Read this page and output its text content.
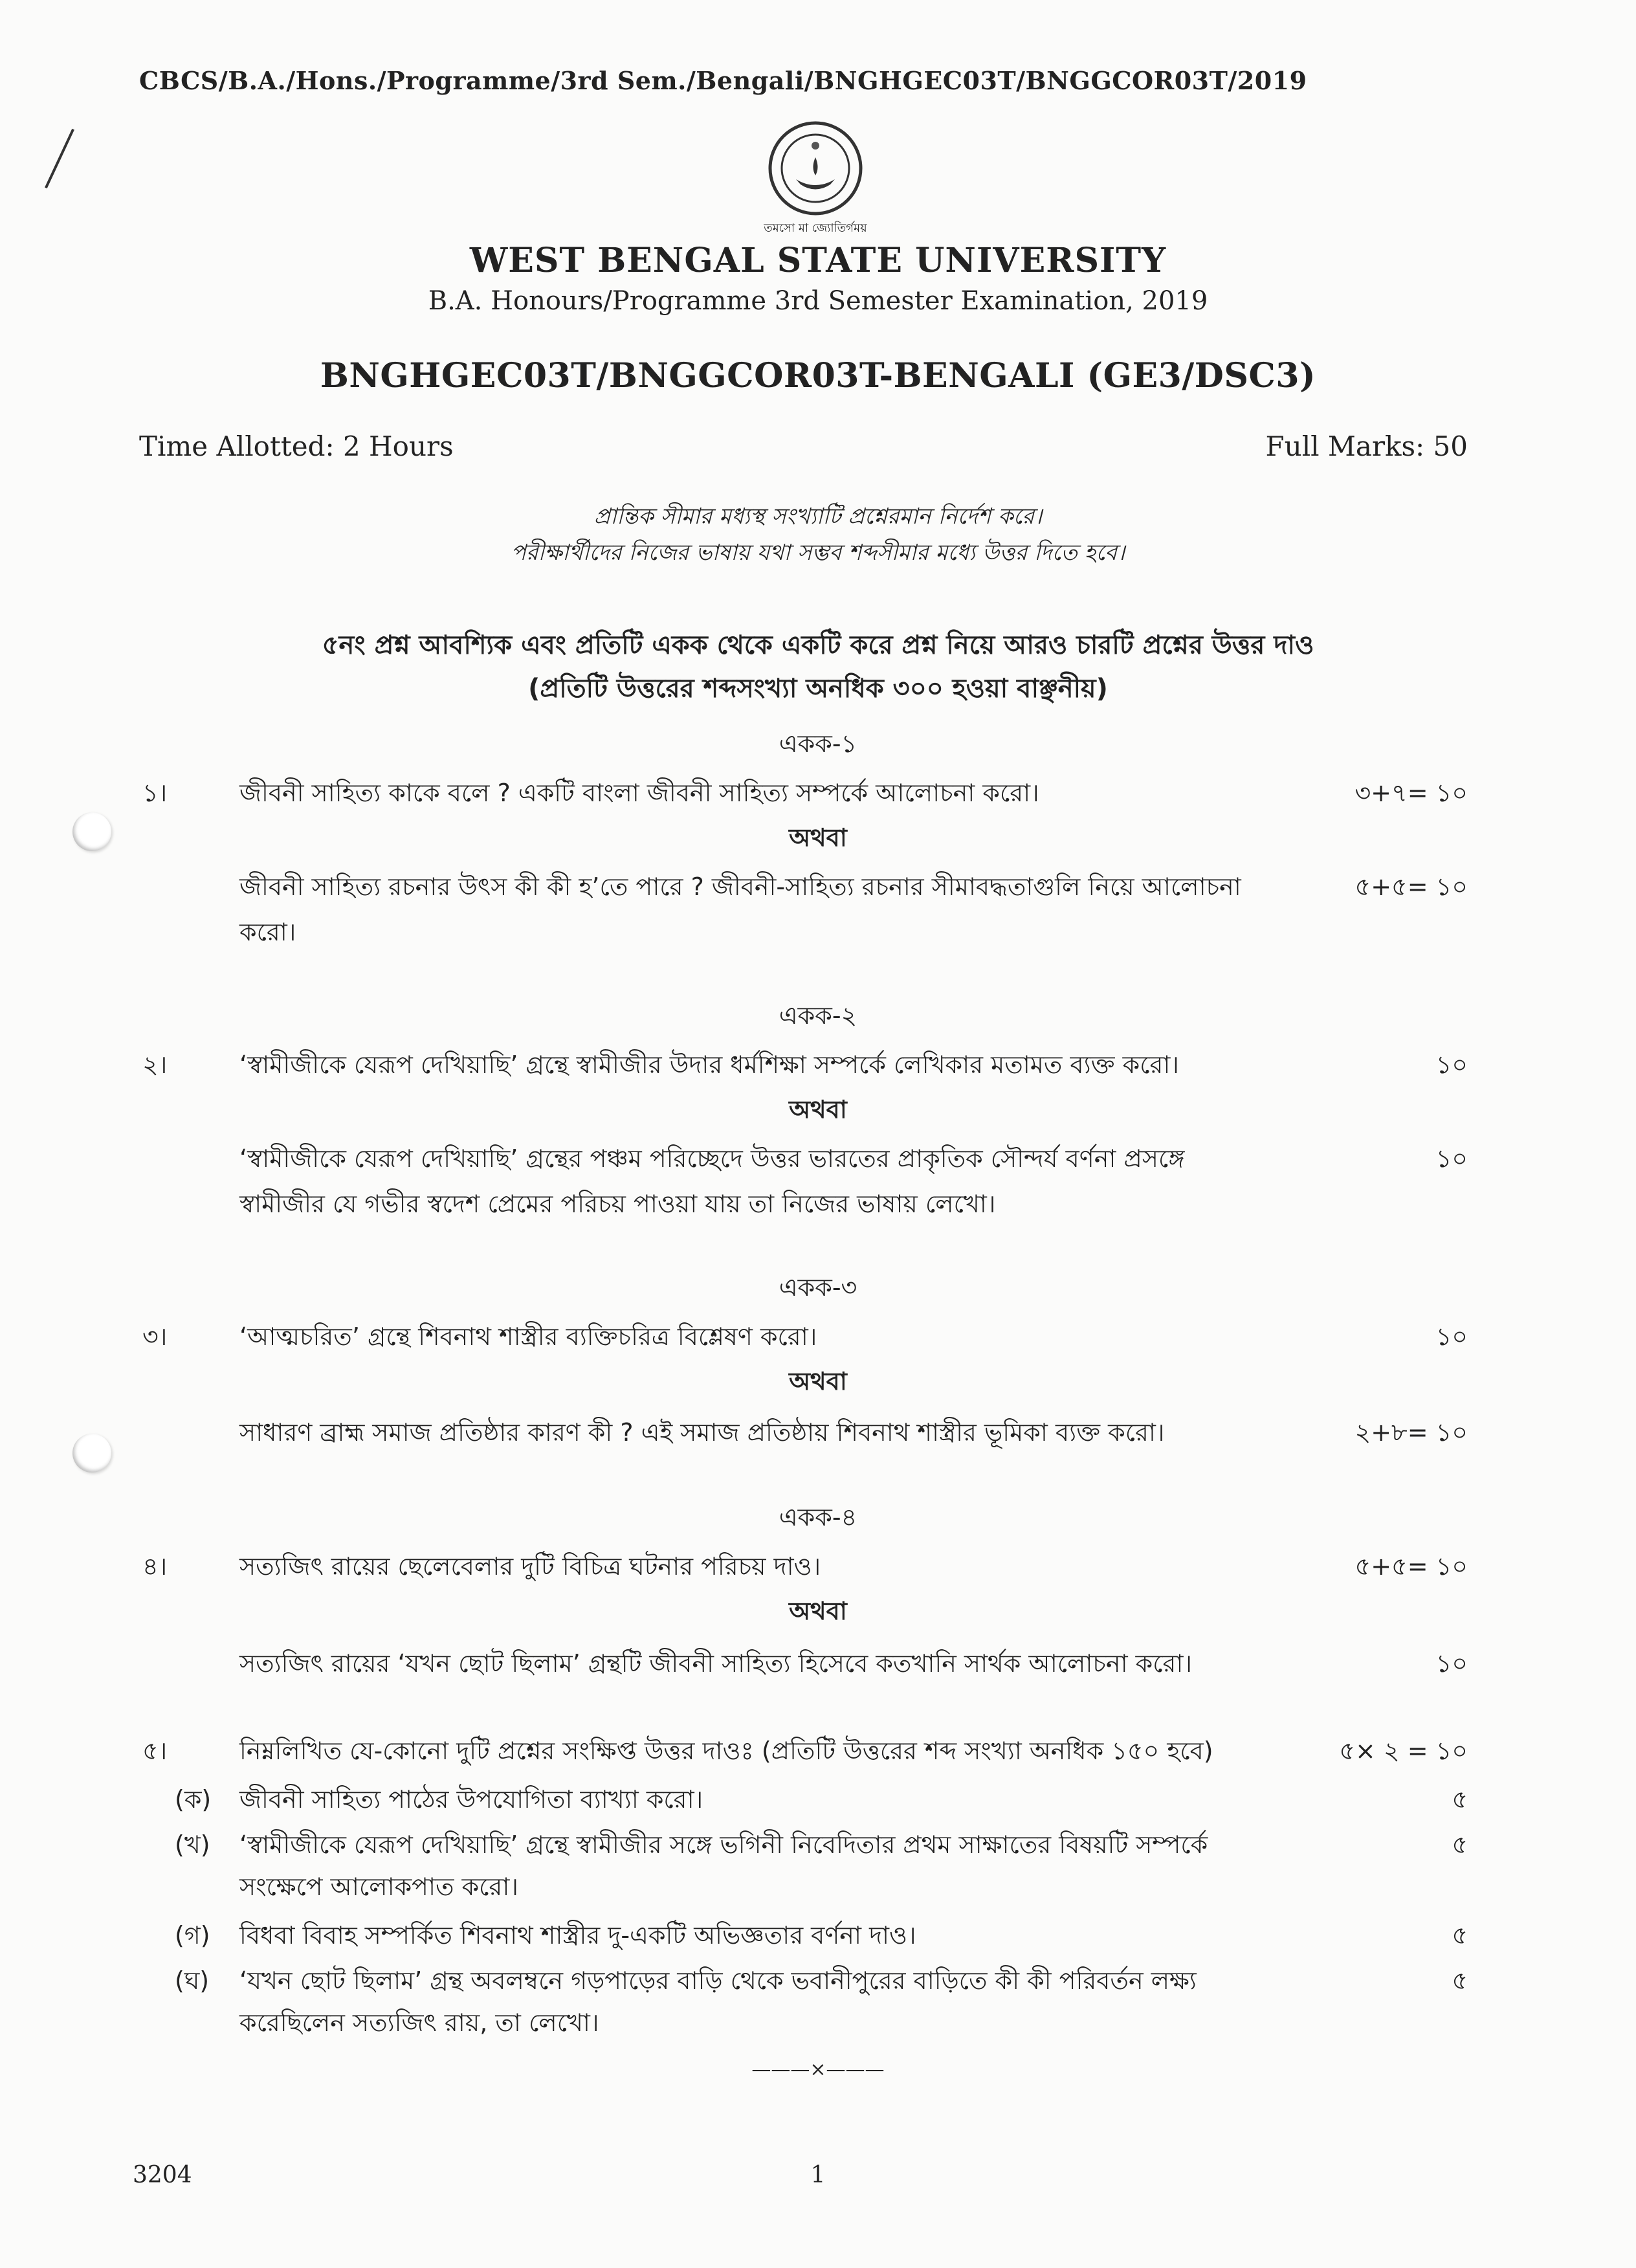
CBCS/B.A./Hons./Programme/3rd Sem./Bengali/BNGHGEC03T/BNGGCOR03T/2019
তমসো মা জ্যোতির্গময়
WEST BENGAL STATE UNIVERSITY
B.A. Honours/Programme 3rd Semester Examination, 2019
BNGHGEC03T/BNGGCOR03T-BENGALI (GE3/DSC3)
Time Allotted: 2 Hours	Full Marks: 50
প্রান্তিক সীমার মধ্যস্থ সংখ্যাটি প্রশ্নেরমান নির্দেশ করে।
পরীক্ষার্থীদের নিজের ভাষায় যথা সম্ভব শব্দসীমার মধ্যে উত্তর দিতে হবে।
৫নং প্রশ্ন আবশ্যিক এবং প্রতিটি একক থেকে একটি করে প্রশ্ন নিয়ে আরও চারটি প্রশ্নের উত্তর দাও
(প্রতিটি উত্তরের শব্দসংখ্যা অনধিক ৩০০ হওয়া বাঞ্ছনীয়)
একক-১
১।	জীবনী সাহিত্য কাকে বলে ? একটি বাংলা জীবনী সাহিত্য সম্পর্কে আলোচনা করো।	৩+৭= ১০
অথবা
জীবনী সাহিত্য রচনার উৎস কী কী হ’তে পারে ? জীবনী-সাহিত্য রচনার সীমাবদ্ধতাগুলি নিয়ে আলোচনা
করো।
৫+৫= ১০
একক-২
২।	‘স্বামীজীকে যেরূপ দেখিয়াছি’ গ্রন্থে স্বামীজীর উদার ধর্মশিক্ষা সম্পর্কে লেখিকার মতামত ব্যক্ত করো।	১০
অথবা
‘স্বামীজীকে যেরূপ দেখিয়াছি’ গ্রন্থের পঞ্চম পরিচ্ছেদে উত্তর ভারতের প্রাকৃতিক সৌন্দর্য বর্ণনা প্রসঙ্গে
স্বামীজীর যে গভীর স্বদেশ প্রেমের পরিচয় পাওয়া যায় তা নিজের ভাষায় লেখো।
১০
একক-৩
৩।	‘আত্মচরিত’ গ্রন্থে শিবনাথ শাস্ত্রীর ব্যক্তিচরিত্র বিশ্লেষণ করো।	১০
অথবা
সাধারণ ব্রাহ্ম সমাজ প্রতিষ্ঠার কারণ কী ? এই সমাজ প্রতিষ্ঠায় শিবনাথ শাস্ত্রীর ভূমিকা ব্যক্ত করো।	২+৮= ১০
একক-৪
৪।	সত্যজিৎ রায়ের ছেলেবেলার দুটি বিচিত্র ঘটনার পরিচয় দাও।	৫+৫= ১০
অথবা
সত্যজিৎ রায়ের ‘যখন ছোট ছিলাম’ গ্রন্থটি জীবনী সাহিত্য হিসেবে কতখানি সার্থক আলোচনা করো।	১০
৫।	নিম্নলিখিত যে-কোনো দুটি প্রশ্নের সংক্ষিপ্ত উত্তর দাওঃ (প্রতিটি উত্তরের শব্দ সংখ্যা অনধিক ১৫০ হবে)	৫× ২ = ১০
(ক) জীবনী সাহিত্য পাঠের উপযোগিতা ব্যাখ্যা করো।	৫
(খ) ‘স্বামীজীকে যেরূপ দেখিয়াছি’ গ্রন্থে স্বামীজীর সঙ্গে ভগিনী নিবেদিতার প্রথম সাক্ষাতের বিষয়টি সম্পর্কে
সংক্ষেপে আলোকপাত করো।
৫
(গ) বিধবা বিবাহ সম্পর্কিত শিবনাথ শাস্ত্রীর দু-একটি অভিজ্ঞতার বর্ণনা দাও।	৫
(ঘ) ‘যখন ছোট ছিলাম’ গ্রন্থ অবলম্বনে গড়পাড়ের বাড়ি থেকে ভবানীপুরের বাড়িতে কী কী পরিবর্তন লক্ষ্য
করেছিলেন সত্যজিৎ রায়, তা লেখো।
৫
———×———
3204	1
